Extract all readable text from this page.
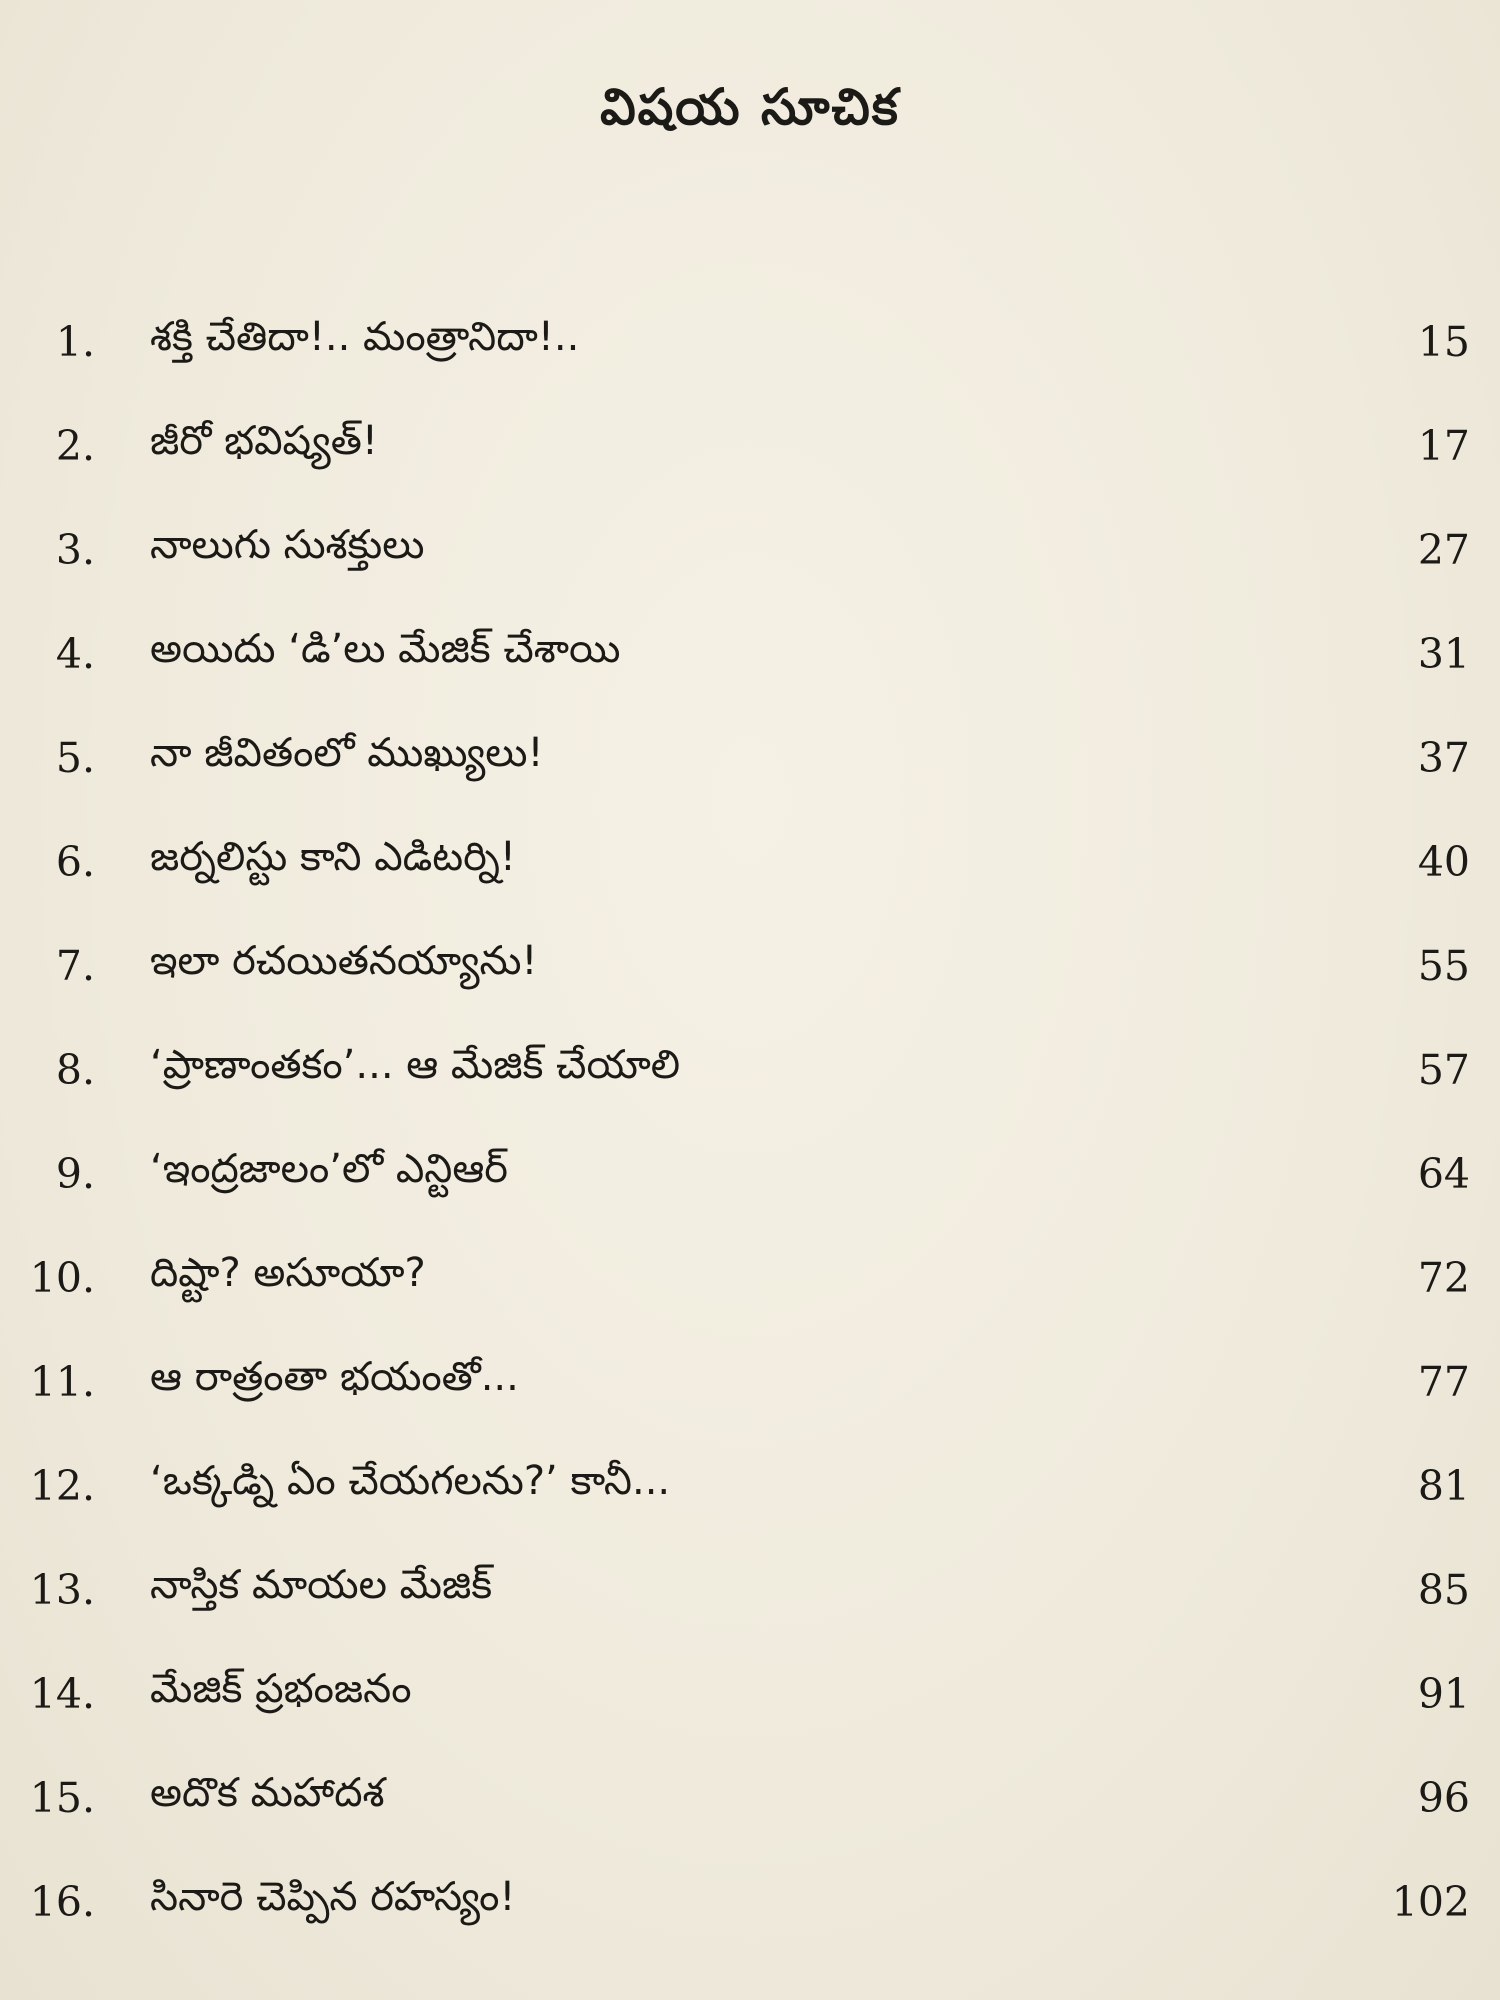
విషయ సూచిక
1. శక్తి చేతిదా!.. మంత్రానిదా!..	15
2. జీరో భవిష్యత్!	17
3. నాలుగు సుశక్తులు	27
4. అయిదు ‘డి’లు మేజిక్ చేశాయి	31
5. నా జీవితంలో ముఖ్యులు!	37
6. జర్నలిస్టు కాని ఎడిటర్ని!	40
7. ఇలా రచయితనయ్యాను!	55
8. ‘ప్రాణాంతకం’... ఆ మేజిక్ చేయాలి	57
9. ‘ఇంద్రజాలం’లో ఎన్టిఆర్	64
10. దిష్టా? అసూయా?	72
11. ఆ రాత్రంతా భయంతో...	77
12. ‘ఒక్కడ్ని ఏం చేయగలను?’ కానీ...	81
13. నాస్తిక మాయల మేజిక్	85
14. మేజిక్ ప్రభంజనం	91
15. అదొక మహాదశ	96
16. సినారె చెప్పిన రహస్యం!	102
